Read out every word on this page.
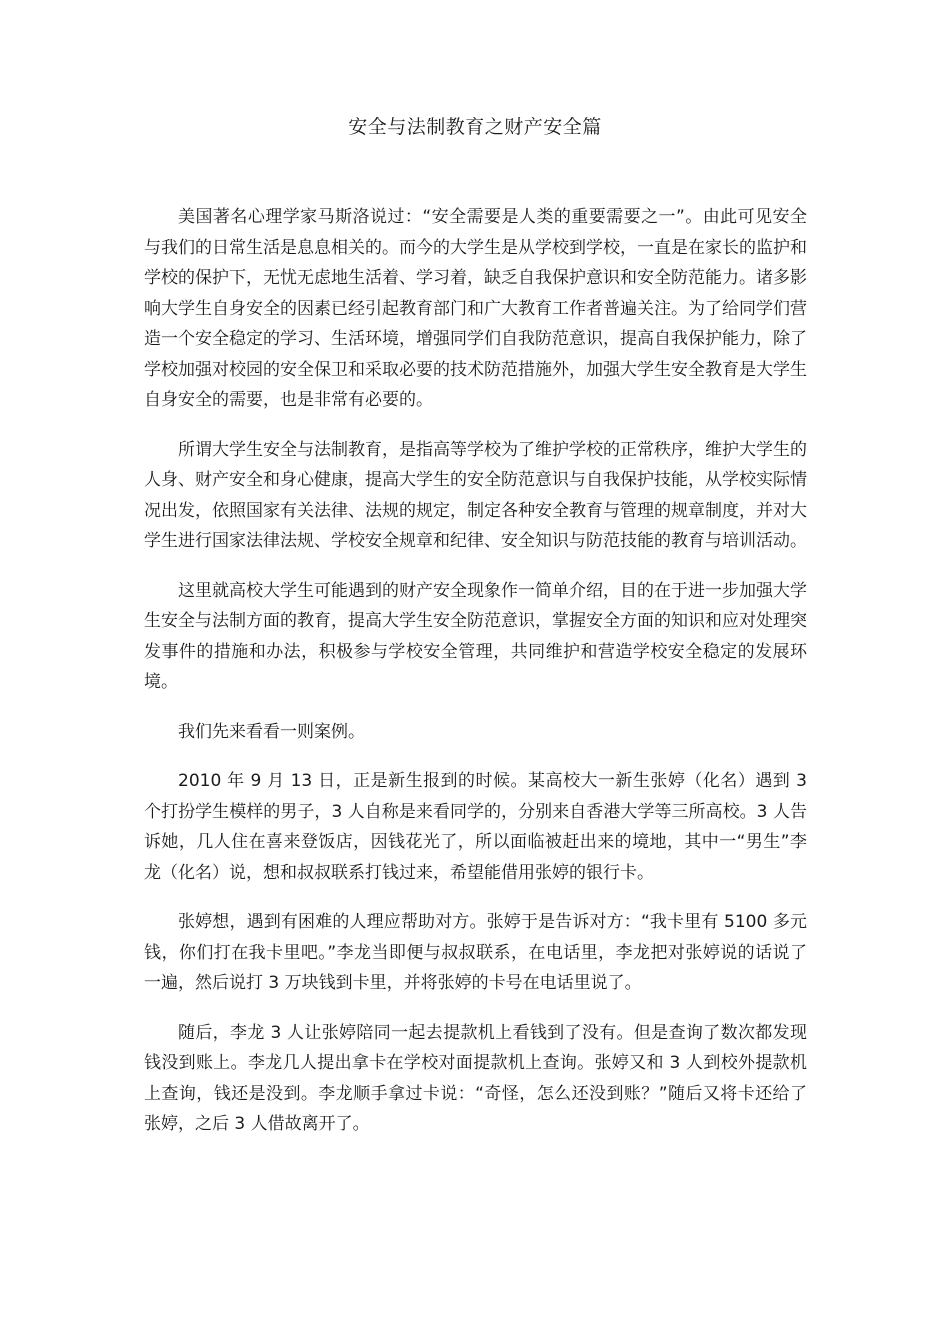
安全与法制教育之财产安全篇

美国著名心理学家马斯洛说过：“安全需要是人类的重要需要之一”。由此可见安全与我们的日常生活是息息相关的。而今的大学生是从学校到学校，一直是在家长的监护和学校的保护下，无忧无虑地生活着、学习着，缺乏自我保护意识和安全防范能力。诸多影响大学生自身安全的因素已经引起教育部门和广大教育工作者普遍关注。为了给同学们营造一个安全稳定的学习、生活环境，增强同学们自我防范意识，提高自我保护能力，除了学校加强对校园的安全保卫和采取必要的技术防范措施外，加强大学生安全教育是大学生自身安全的需要，也是非常有必要的。

所谓大学生安全与法制教育，是指高等学校为了维护学校的正常秩序，维护大学生的人身、财产安全和身心健康，提高大学生的安全防范意识与自我保护技能，从学校实际情况出发，依照国家有关法律、法规的规定，制定各种安全教育与管理的规章制度，并对大学生进行国家法律法规、学校安全规章和纪律、安全知识与防范技能的教育与培训活动。

这里就高校大学生可能遇到的财产安全现象作一简单介绍，目的在于进一步加强大学生安全与法制方面的教育，提高大学生安全防范意识，掌握安全方面的知识和应对处理突发事件的措施和办法，积极参与学校安全管理，共同维护和营造学校安全稳定的发展环境。

我们先来看看一则案例。

2010 年 9 月 13 日，正是新生报到的时候。某高校大一新生张婷（化名）遇到 3 个打扮学生模样的男子，3 人自称是来看同学的，分别来自香港大学等三所高校。3 人告诉她，几人住在喜来登饭店，因钱花光了，所以面临被赶出来的境地，其中一“男生”李龙（化名）说，想和叔叔联系打钱过来，希望能借用张婷的银行卡。

张婷想，遇到有困难的人理应帮助对方。张婷于是告诉对方：“我卡里有 5100 多元钱，你们打在我卡里吧。”李龙当即便与叔叔联系，在电话里，李龙把对张婷说的话说了一遍，然后说打 3 万块钱到卡里，并将张婷的卡号在电话里说了。

随后，李龙 3 人让张婷陪同一起去提款机上看钱到了没有。但是查询了数次都发现钱没到账上。李龙几人提出拿卡在学校对面提款机上查询。张婷又和 3 人到校外提款机上查询，钱还是没到。李龙顺手拿过卡说：“奇怪，怎么还没到账？”随后又将卡还给了张婷，之后 3 人借故离开了。
